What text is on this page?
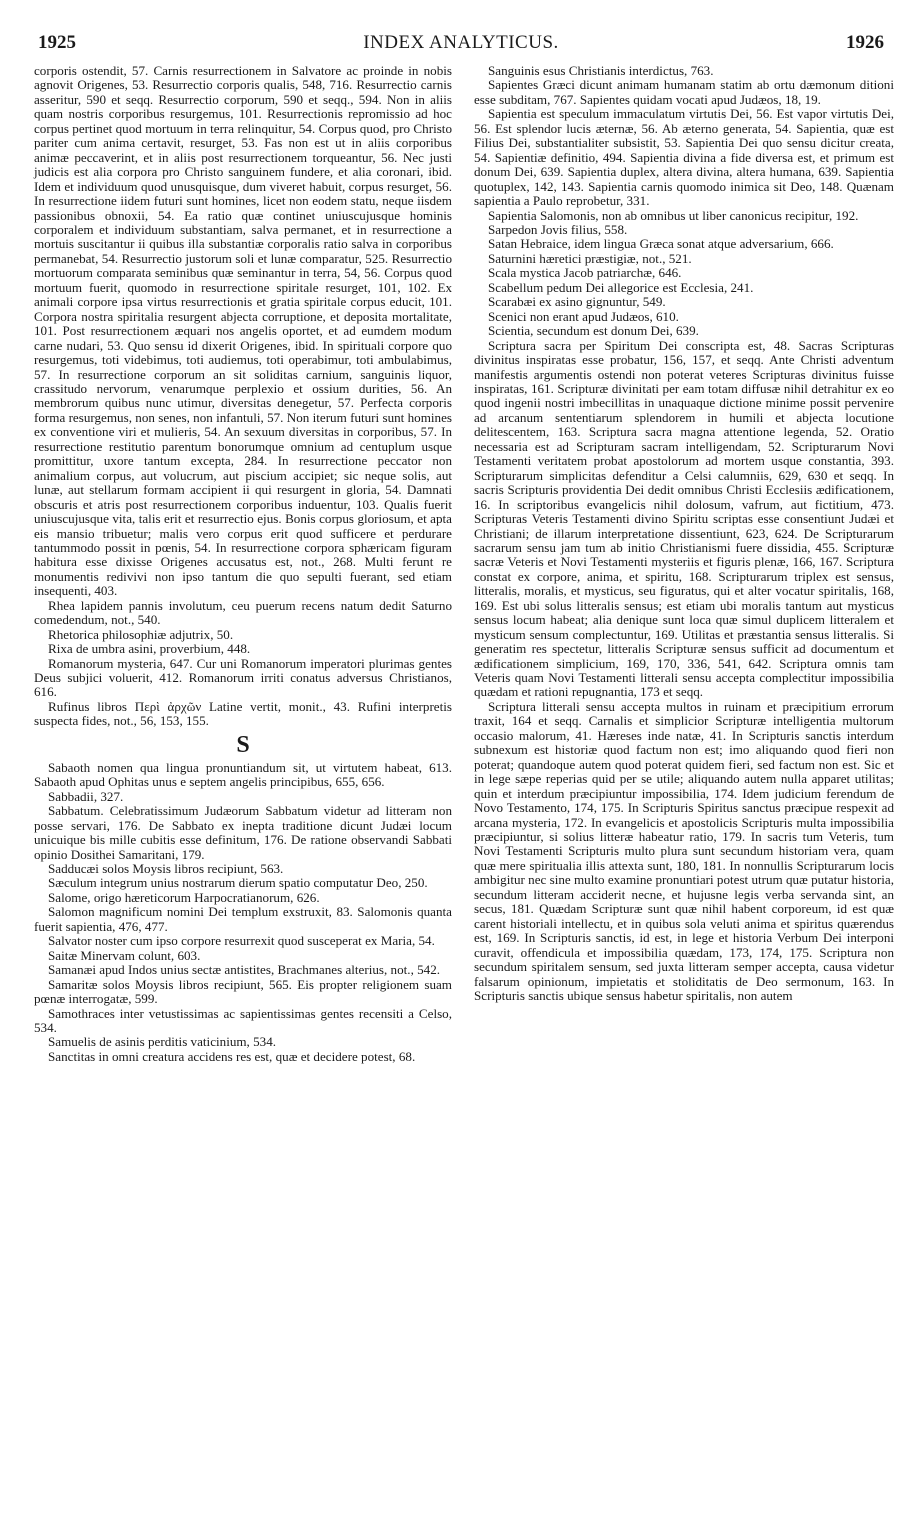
1925	INDEX ANALYTICUS.	1926

corporis ostendit, 57. Carnis resurrectionem in Salvatore ac proinde in nobis agnovit Origenes, 53. Resurrectio corporis qualis, 548, 716. Resurrectio carnis asseritur, 590 et seqq. Resurrectio corporum, 590 et seqq., 594. Non in aliis quam nostris corporibus resurgemus, 101. Resurrectionis repromissio ad hoc corpus pertinet quod mortuum in terra relinquitur, 54. Corpus quod, pro Christo pariter cum anima certavit, resurget, 53. Fas non est ut in aliis corporibus animæ peccaverint, et in aliis post resurrectionem torqueantur, 56. Nec justi judicis est alia corpora pro Christo sanguinem fundere, et alia coronari, ibid. Idem et individuum quod unusquisque, dum viveret habuit, corpus resurget, 56. In resurrectione iidem futuri sunt homines, licet non eodem statu, neque iisdem passionibus obnoxii, 54. Ea ratio quæ continet uniuscujusque hominis corporalem et individuum substantiam, salva permanet, et in resurrectione a mortuis suscitantur ii quibus illa substantiæ corporalis ratio salva in corporibus permanebat, 54. Resurrectio justorum soli et lunæ comparatur, 525. Resurrectio mortuorum comparata seminibus quæ seminantur in terra, 54, 56. Corpus quod mortuum fuerit, quomodo in resurrectione spiritale resurget, 101, 102. Ex animali corpore ipsa virtus resurrectionis et gratia spiritale corpus educit, 101. Corpora nostra spiritalia resurgent abjecta corruptione, et deposita mortalitate, 101. Post resurrectionem æquari nos angelis oportet, et ad eumdem modum carne nudari, 53. Quo sensu id dixerit Origenes, ibid. In spirituali corpore quo resurgemus, toti videbimus, toti audiemus, toti operabimur, toti ambulabimus, 57. In resurrectione corporum an sit soliditas carnium, sanguinis liquor, crassitudo nervorum, venarumque perplexio et ossium durities, 56. An membrorum quibus nunc utimur, diversitas denegetur, 57. Perfecta corporis forma resurgemus, non senes, non infantuli, 57. Non iterum futuri sunt homines ex conventione viri et mulieris, 54. An sexuum diversitas in corporibus, 57. In resurrectione restitutio parentum bonorumque omnium ad centuplum usque promittitur, uxore tantum excepta, 284. In resurrectione peccator non animalium corpus, aut volucrum, aut piscium accipiet; sic neque solis, aut lunæ, aut stellarum formam accipient ii qui resurgent in gloria, 54. Damnati obscuris et atris post resurrectionem corporibus induentur, 103. Qualis fuerit uniuscujusque vita, talis erit et resurrectio ejus. Bonis corpus gloriosum, et apta eis mansio tribuetur; malis vero corpus erit quod sufficere et perdurare tantummodo possit in pœnis, 54. In resurrectione corpora sphæricam figuram habitura esse dixisse Origenes accusatus est, not., 268. Multi ferunt re monumentis redivivi non ipso tantum die quo sepulti fuerant, sed etiam insequenti, 403.

Rhea lapidem pannis involutum, ceu puerum recens natum dedit Saturno comedendum, not., 540.

Rhetorica philosophiæ adjutrix, 50.

Rixa de umbra asini, proverbium, 448.

Romanorum mysteria, 647. Cur uni Romanorum imperatori plurimas gentes Deus subjici voluerit, 412. Romanorum irriti conatus adversus Christianos, 616.

Rufinus libros Περὶ ἀρχῶν Latine vertit, monit., 43. Rufini interpretis suspecta fides, not., 56, 153, 155.

S

Sabaoth nomen qua lingua pronuntiandum sit, ut virtutem habeat, 613. Sabaoth apud Ophitas unus e septem angelis principibus, 655, 656.

Sabbadii, 327.

Sabbatum. Celebratissimum Judæorum Sabbatum videtur ad litteram non posse servari, 176. De Sabbato ex inepta traditione dicunt Judæi locum unicuique bis mille cubitis esse definitum, 176. De ratione observandi Sabbati opinio Dosithei Samaritani, 179.

Sadducæi solos Moysis libros recipiunt, 563.

Sæculum integrum unius nostrarum dierum spatio computatur Deo, 250.

Salome, origo hæreticorum Harpocratianorum, 626.

Salomon magnificum nomini Dei templum exstruxit, 83. Salomonis quanta fuerit sapientia, 476, 477.

Salvator noster cum ipso corpore resurrexit quod susceperat ex Maria, 54.

Saitæ Minervam colunt, 603.

Samanæi apud Indos unius sectæ antistites, Brachmanes alterius, not., 542.

Samaritæ solos Moysis libros recipiunt, 565. Eis propter religionem suam pœnæ interrogatæ, 599.

Samothraces inter vetustissimas ac sapientissimas gentes recensiti a Celso, 534.

Samuelis de asinis perditis vaticinium, 534.

Sanctitas in omni creatura accidens res est, quæ et decidere potest, 68.

Sanguinis esus Christianis interdictus, 763.

Sapientes Græci dicunt animam humanam statim ab ortu dæmonum ditioni esse subditam, 767. Sapientes quidam vocati apud Judæos, 18, 19.

Sapientia est speculum immaculatum virtutis Dei, 56. Est vapor virtutis Dei, 56. Est splendor lucis æternæ, 56. Ab æterno generata, 54. Sapientia, quæ est Filius Dei, substantialiter subsistit, 53. Sapientia Dei quo sensu dicitur creata, 54. Sapientiæ definitio, 494. Sapientia divina a fide diversa est, et primum est donum Dei, 639. Sapientia duplex, altera divina, altera humana, 639. Sapientia quotuplex, 142, 143. Sapientia carnis quomodo inimica sit Deo, 148. Quænam sapientia a Paulo reprobetur, 331.

Sapientia Salomonis, non ab omnibus ut liber canonicus recipitur, 192.

Sarpedon Jovis filius, 558.

Satan Hebraice, idem lingua Græca sonat atque adversarium, 666.

Saturnini hæretici præstigiæ, not., 521.

Scala mystica Jacob patriarchæ, 646.

Scabellum pedum Dei allegorice est Ecclesia, 241.

Scarabæi ex asino gignuntur, 549.

Scenici non erant apud Judæos, 610.

Scientia, secundum est donum Dei, 639.

Scriptura sacra per Spiritum Dei conscripta est, 48. Sacras Scripturas divinitus inspiratas esse probatur, 156, 157, et seqq. Ante Christi adventum manifestis argumentis ostendi non poterat veteres Scripturas divinitus fuisse inspiratas, 161. Scripturæ divinitati per eam totam diffusæ nihil detrahitur ex eo quod ingenii nostri imbecillitas in unaquaque dictione minime possit pervenire ad arcanum sententiarum splendorem in humili et abjecta locutione delitescentem, 163. Scriptura sacra magna attentione legenda, 52. Oratio necessaria est ad Scripturam sacram intelligendam, 52. Scripturarum Novi Testamenti veritatem probat apostolorum ad mortem usque constantia, 393. Scripturarum simplicitas defenditur a Celsi calumniis, 629, 630 et seqq. In sacris Scripturis providentia Dei dedit omnibus Christi Ecclesiis ædificationem, 16. In scriptoribus evangelicis nihil dolosum, vafrum, aut fictitium, 473. Scripturas Veteris Testamenti divino Spiritu scriptas esse consentiunt Judæi et Christiani; de illarum interpretatione dissentiunt, 623, 624. De Scripturarum sacrarum sensu jam tum ab initio Christianismi fuere dissidia, 455. Scripturæ sacræ Veteris et Novi Testamenti mysteriis et figuris plenæ, 166, 167. Scriptura constat ex corpore, anima, et spiritu, 168. Scripturarum triplex est sensus, litteralis, moralis, et mysticus, seu figuratus, qui et alter vocatur spiritalis, 168, 169. Est ubi solus litteralis sensus; est etiam ubi moralis tantum aut mysticus sensus locum habeat; alia denique sunt loca quæ simul duplicem litteralem et mysticum sensum complectuntur, 169. Utilitas et præstantia sensus litteralis. Si generatim res spectetur, litteralis Scripturæ sensus sufficit ad documentum et ædificationem simplicium, 169, 170, 336, 541, 642. Scriptura omnis tam Veteris quam Novi Testamenti litterali sensu accepta complectitur impossibilia quædam et rationi repugnantia, 173 et seqq.

Scriptura litterali sensu accepta multos in ruinam et præcipitium errorum traxit, 164 et seqq. Carnalis et simplicior Scripturæ intelligentia multorum occasio malorum, 41. Hæreses inde natæ, 41. In Scripturis sanctis interdum subnexum est historiæ quod factum non est; imo aliquando quod fieri non poterat; quandoque autem quod poterat quidem fieri, sed factum non est. Sic et in lege sæpe reperias quid per se utile; aliquando autem nulla apparet utilitas; quin et interdum præcipiuntur impossibilia, 174. Idem judicium ferendum de Novo Testamento, 174, 175. In Scripturis Spiritus sanctus præcipue respexit ad arcana mysteria, 172. In evangelicis et apostolicis Scripturis multa impossibilia præcipiuntur, si solius litteræ habeatur ratio, 179. In sacris tum Veteris, tum Novi Testamenti Scripturis multo plura sunt secundum historiam vera, quam quæ mere spiritualia illis attexta sunt, 180, 181. In nonnullis Scripturarum locis ambigitur nec sine multo examine pronuntiari potest utrum quæ putatur historia, secundum litteram acciderit necne, et hujusne legis verba servanda sint, an secus, 181. Quædam Scripturæ sunt quæ nihil habent corporeum, id est quæ carent historiali intellectu, et in quibus sola veluti anima et spiritus quærendus est, 169. In Scripturis sanctis, id est, in lege et historia Verbum Dei interponi curavit, offendicula et impossibilia quædam, 173, 174, 175. Scriptura non secundum spiritalem sensum, sed juxta litteram semper accepta, causa videtur falsarum opinionum, impietatis et stoliditatis de Deo sermonum, 163. In Scripturis sanctis ubique sensus habetur spiritalis, non autem
